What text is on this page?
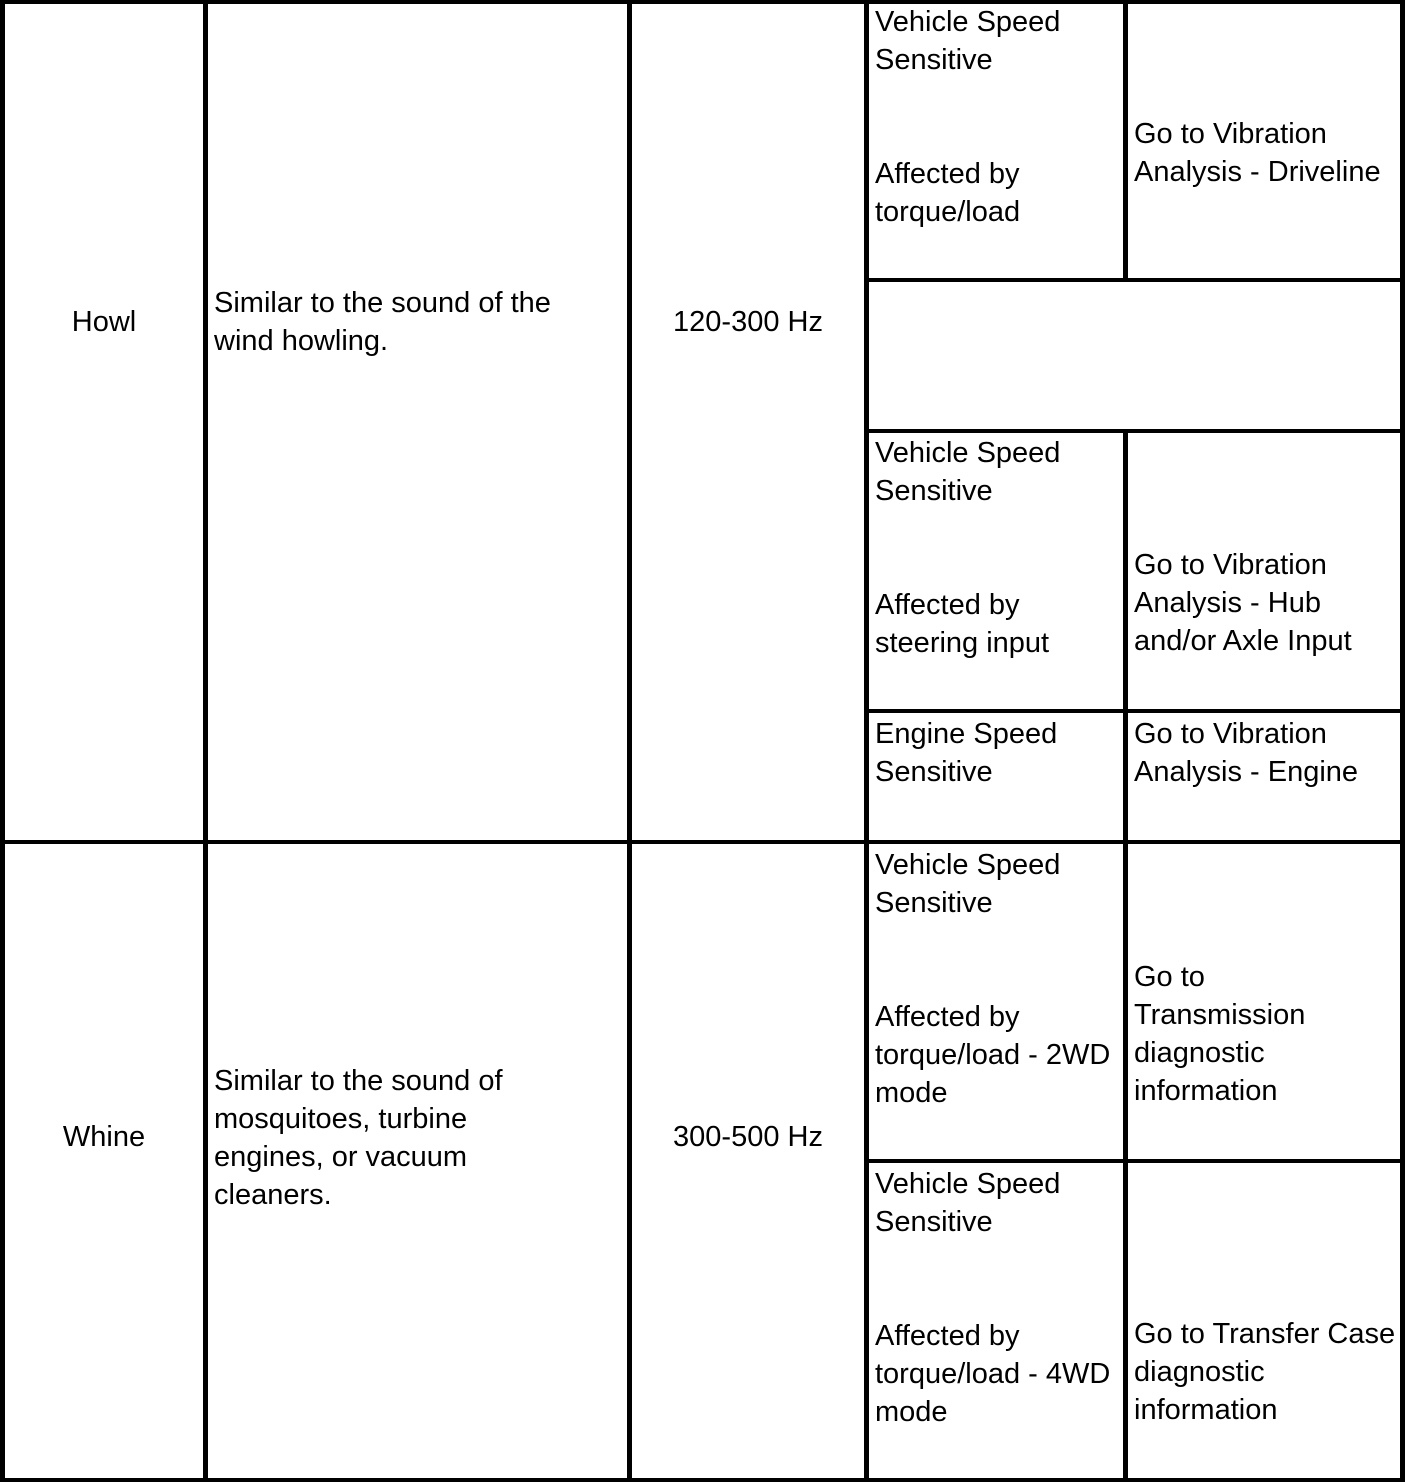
Howl

Similar to the sound of the wind howling.

120-300 Hz

Vehicle Speed Sensitive

Affected by torque/load

Go to Vibration Analysis - Driveline

Vehicle Speed Sensitive

Affected by steering input

Go to Vibration Analysis - Hub and/or Axle Input

Engine Speed Sensitive

Go to Vibration Analysis - Engine

Whine

Similar to the sound of mosquitoes, turbine engines, or vacuum cleaners.

300-500 Hz

Vehicle Speed Sensitive

Affected by torque/load - 2WD mode

Go to Transmission diagnostic information

Vehicle Speed Sensitive

Affected by torque/load - 4WD mode

Go to Transfer Case diagnostic information
